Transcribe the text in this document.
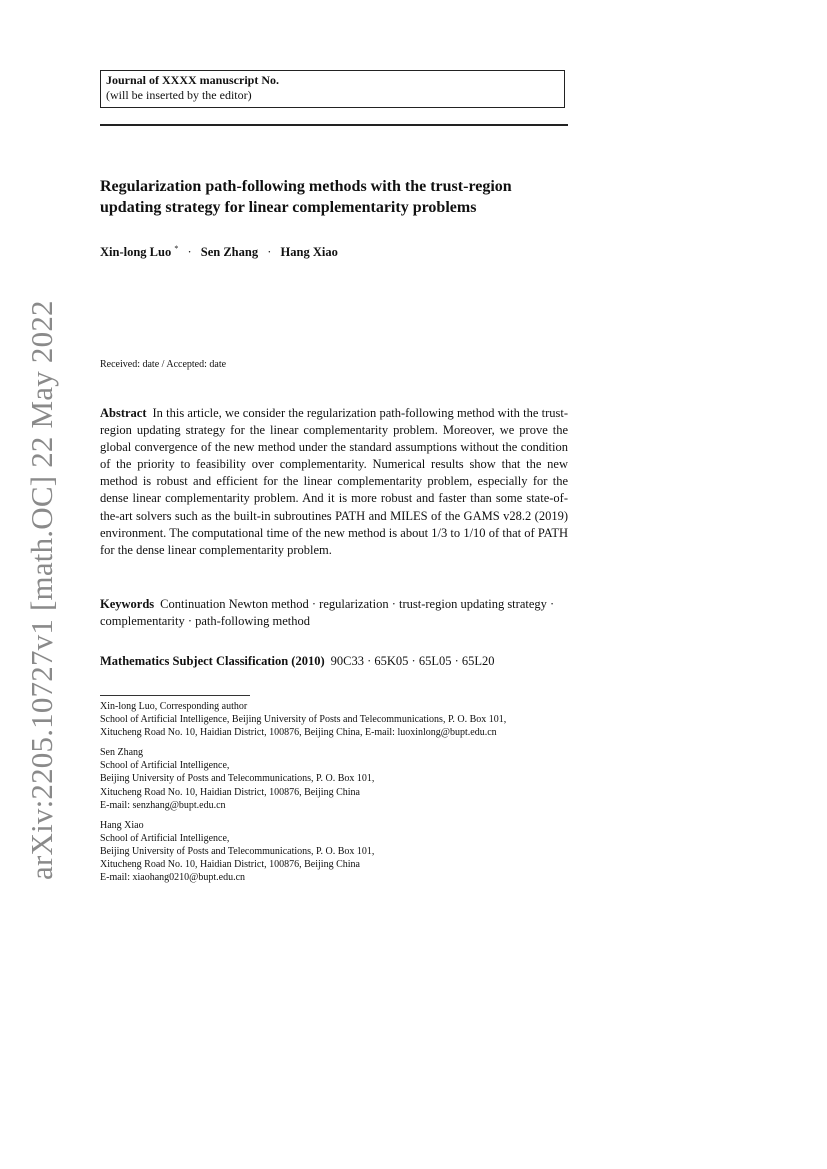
arXiv:2205.10727v1 [math.OC] 22 May 2022
Journal of XXXX manuscript No.
(will be inserted by the editor)
Regularization path-following methods with the trust-region updating strategy for linear complementarity problems
Xin-long Luo * · Sen Zhang · Hang Xiao
Received: date / Accepted: date
Abstract In this article, we consider the regularization path-following method with the trust-region updating strategy for the linear complementarity problem. Moreover, we prove the global convergence of the new method under the standard assumptions without the condition of the priority to feasibility over complementarity. Numerical results show that the new method is robust and efficient for the linear complementarity problem, especially for the dense linear complementarity problem. And it is more robust and faster than some state-of-the-art solvers such as the built-in subroutines PATH and MILES of the GAMS v28.2 (2019) environment. The computational time of the new method is about 1/3 to 1/10 of that of PATH for the dense linear complementarity problem.
Keywords Continuation Newton method · regularization · trust-region updating strategy · complementarity · path-following method
Mathematics Subject Classification (2010) 90C33 · 65K05 · 65L05 · 65L20
Xin-long Luo, Corresponding author
School of Artificial Intelligence, Beijing University of Posts and Telecommunications, P. O. Box 101,
Xitucheng Road No. 10, Haidian District, 100876, Beijing China, E-mail: luoxinlong@bupt.edu.cn
Sen Zhang
School of Artificial Intelligence,
Beijing University of Posts and Telecommunications, P. O. Box 101,
Xitucheng Road No. 10, Haidian District, 100876, Beijing China
E-mail: senzhang@bupt.edu.cn
Hang Xiao
School of Artificial Intelligence,
Beijing University of Posts and Telecommunications, P. O. Box 101,
Xitucheng Road No. 10, Haidian District, 100876, Beijing China
E-mail: xiaohang0210@bupt.edu.cn
